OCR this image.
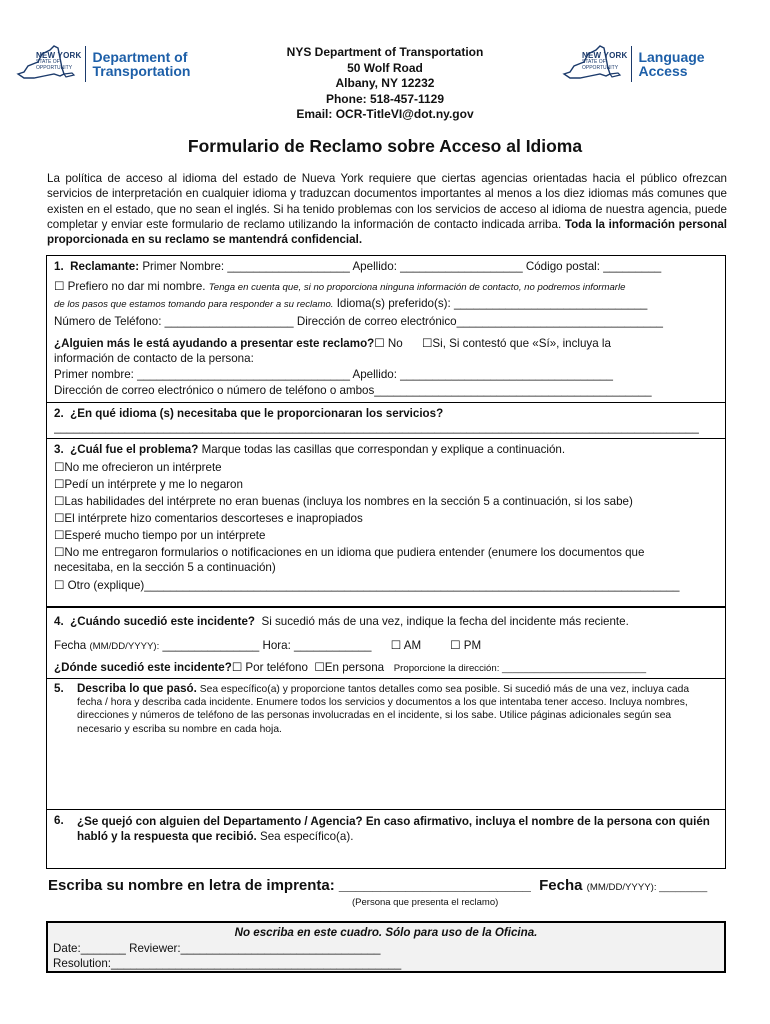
NEW YORK
STATE OF
OPPORTUNITY
Department of
Transportation
NYS Department of Transportation
50 Wolf Road
Albany, NY 12232
Phone: 518-457-1129
Email: OCR-TitleVI@dot.ny.gov
NEW YORK
STATE OF
OPPORTUNITY
Language
Access
Formulario de Reclamo sobre Acceso al Idioma
La política de acceso al idioma del estado de Nueva York requiere que ciertas agencias orientadas hacia el público ofrezcan servicios de interpretación en cualquier idioma y traduzcan documentos importantes al menos a los diez idiomas más comunes que existen en el estado, que no sean el inglés. Si ha tenido problemas con los servicios de acceso al idioma de nuestra agencia, puede completar y enviar este formulario de reclamo utilizando la información de contacto indicada arriba. Toda la información personal proporcionada en su reclamo se mantendrá confidencial.
1. Reclamante: Primer Nombre: ___________________ Apellido: ___________________ Código postal: _________
☐ Prefiero no dar mi nombre. Tenga en cuenta que, si no proporciona ninguna información de contacto, no podremos informarle
de los pasos que estamos tomando para responder a su reclamo. Idioma(s) preferido(s): ______________________________
Número de Teléfono: ____________________ Dirección de correo electrónico________________________________
¿Alguien más le está ayudando a presentar este reclamo?☐ No ☐Si, Si contestó que «Sí», incluya la
información de contacto de la persona:
Primer nombre: _________________________________ Apellido: _________________________________
Dirección de correo electrónico o número de teléfono o ambos___________________________________________
2. ¿En qué idioma (s) necesitaba que le proporcionaran los servicios?
____________________________________________________________________________________________________
3. ¿Cuál fue el problema? Marque todas las casillas que correspondan y explique a continuación.
☐No me ofrecieron un intérprete
☐Pedí un intérprete y me lo negaron
☐Las habilidades del intérprete no eran buenas (incluya los nombres en la sección 5 a continuación, si los sabe)
☐El intérprete hizo comentarios descorteses e inapropiados
☐Esperé mucho tiempo por un intérprete
☐No me entregaron formularios o notificaciones en un idioma que pudiera entender (enumere los documentos que
necesitaba, en la sección 5 a continuación)
☐ Otro (explique)___________________________________________________________________________________
4. ¿Cuándo sucedió este incidente? Si sucedió más de una vez, indique la fecha del incidente más reciente.
Fecha (MM/DD/YYYY): _______________ Hora: ____________ ☐ AM	☐ PM
¿Dónde sucedió este incidente?☐ Por teléfono ☐En persona Proporcione la dirección: ___________________________
5. Describa lo que pasó. Sea específico(a) y proporcione tantos detalles como sea posible. Si sucedió más de una vez, incluya cada fecha / hora y describa cada incidente. Enumere todos los servicios y documentos a los que intentaba tener acceso. Incluya nombres, direcciones y números de teléfono de las personas involucradas en el incidente, si los sabe. Utilice páginas adicionales según sea necesario y escriba su nombre en cada hoja.
6. ¿Se quejó con alguien del Departamento / Agencia? En caso afirmativo, incluya el nombre de la persona con quién habló y la respuesta que recibió. Sea específico(a).
Escriba su nombre en letra de imprenta: _______________________ Fecha (MM/DD/YYYY): _________
(Persona que presenta el reclamo)
No escriba en este cuadro. Sólo para uso de la Oficina.
Date:_______ Reviewer:_______________________________
Resolution:_____________________________________________
